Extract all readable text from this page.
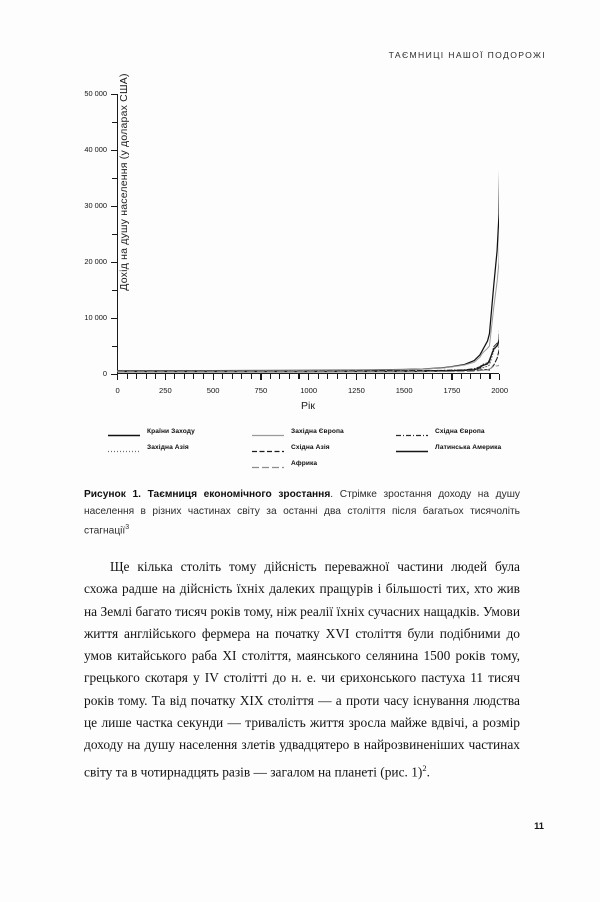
ТАЄМНИЦІ НАШОЇ ПОДОРОЖІ
Дохід на душу населення (у доларах США)
0
10 000
20 000
30 000
40 000
50 000
0	250	500	750	1000	1250	1500	1750	2000
Рік
Країни Заходу	Західна Європа	Східна Європа
Західна Азія	Східна Азія	Латинська Америка
Африка
Рисунок 1. Таємниця економічного зростання. Стрімке зростання доходу на душу населення в різних частинах світу за останні два століття після багатьох тисячоліть стагнації$^3$
Ще кілька століть тому дійсність переважної частини людей була схожа радше на дійсність їхніх далеких пращурів і більшості тих, хто жив на Землі багато тисяч років тому, ніж реалії їхніх сучасних нащадків. Умови життя англійського фермера на початку XVI століття були подібними до умов китайського раба XI століття, маянського селянина 1500 років тому, грецького скотаря у IV столітті до н. е. чи єрихонського пастуха 11 тисяч років тому. Та від початку XIX століття — а проти часу існування людства це лише частка секунди — тривалість життя зросла майже вдвічі, а розмір доходу на душу населення злетів удвадцятеро в найрозвиненіших частинах світу та в чотирнадцять разів — загалом на планеті (рис. 1)$^2$.
11
